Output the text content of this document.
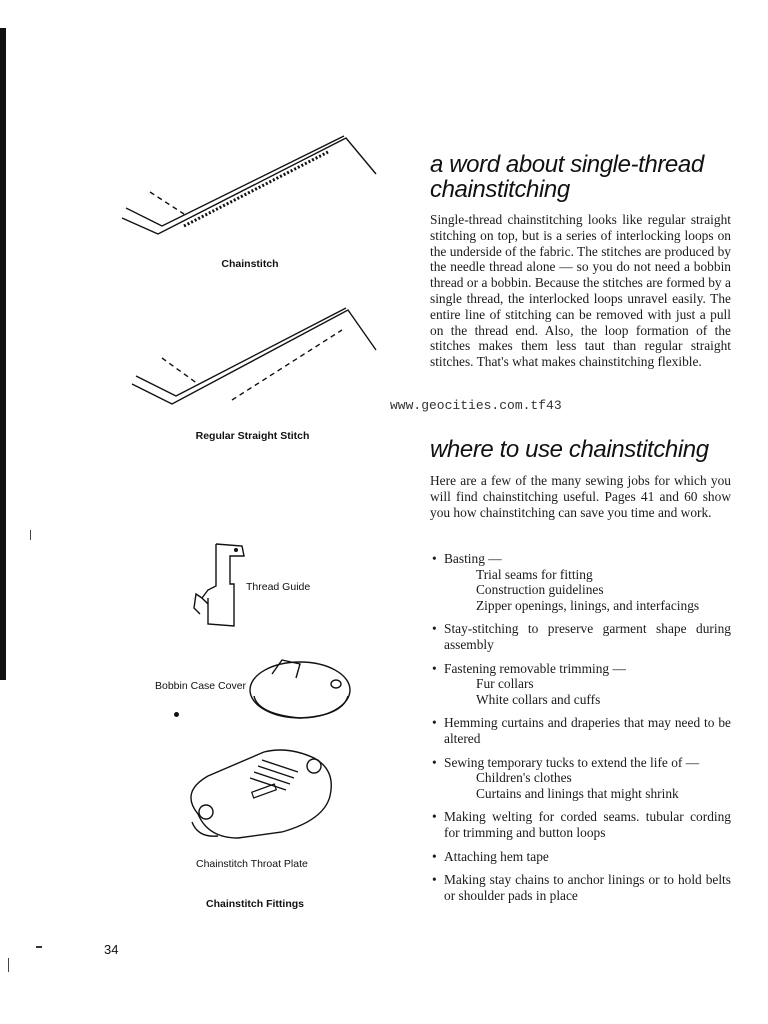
Chainstitch
Regular Straight Stitch
Thread Guide
Bobbin Case Cover
Chainstitch Throat Plate
Chainstitch Fittings
a word about single-thread chainstitching

Single-thread chainstitching looks like regular straight stitching on top, but is a series of interlocking loops on the underside of the fabric. The stitches are produced by the needle thread alone — so you do not need a bobbin thread or a bobbin. Because the stitches are formed by a single thread, the interlocked loops unravel easily. The entire line of stitching can be removed with just a pull on the thread end. Also, the loop formation of the stitches makes them less taut than regular straight stitches. That's what makes chainstitching flexible.

www.geocities.com.tf43
where to use chainstitching

Here are a few of the many sewing jobs for which you will find chainstitching useful. Pages 41 and 60 show you how chainstitching can save you time and work.

• Basting —
Trial seams for fitting
Construction guidelines
Zipper openings, linings, and interfacings
• Stay-stitching to preserve garment shape during assembly
• Fastening removable trimming —
Fur collars
White collars and cuffs
• Hemming curtains and draperies that may need to be altered
• Sewing temporary tucks to extend the life of —
Children's clothes
Curtains and linings that might shrink
• Making welting for corded seams. tubular cording for trimming and button loops
• Attaching hem tape
• Making stay chains to anchor linings or to hold belts or shoulder pads in place
34
